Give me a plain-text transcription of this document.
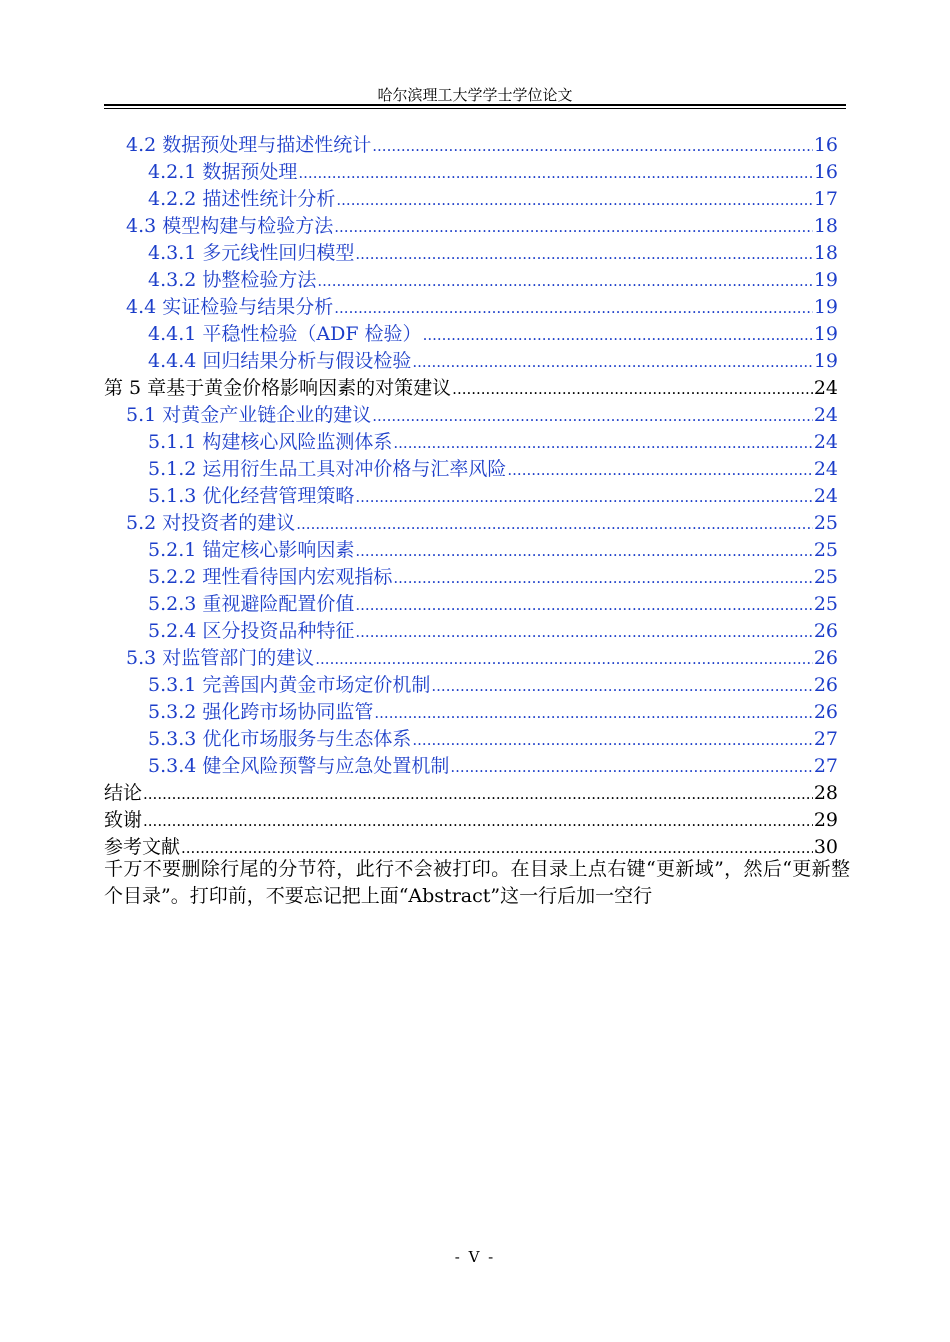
哈尔滨理工大学学士学位论文
4.2 数据预处理与描述性统计 .....	16
4.2.1 数据预处理 .....	16
4.2.2 描述性统计分析 .....	17
4.3 模型构建与检验方法 .....	18
4.3.1 多元线性回归模型 .....	18
4.3.2 协整检验方法 .....	19
4.4 实证检验与结果分析 .....	19
4.4.1 平稳性检验（ADF 检验） .....	19
4.4.4 回归结果分析与假设检验 .....	19
第 5 章基于黄金价格影响因素的对策建议 .....	24
5.1 对黄金产业链企业的建议 .....	24
5.1.1 构建核心风险监测体系 .....	24
5.1.2 运用衍生品工具对冲价格与汇率风险 .....	24
5.1.3 优化经营管理策略 .....	24
5.2 对投资者的建议 .....	25
5.2.1 锚定核心影响因素 .....	25
5.2.2 理性看待国内宏观指标 .....	25
5.2.3 重视避险配置价值 .....	25
5.2.4 区分投资品种特征 .....	26
5.3 对监管部门的建议 .....	26
5.3.1 完善国内黄金市场定价机制 .....	26
5.3.2 强化跨市场协同监管 .....	26
5.3.3 优化市场服务与生态体系 .....	27
5.3.4 健全风险预警与应急处置机制 .....	27
结论 .....	28
致谢 .....	29
参考文献 .....	30
千万不要删除行尾的分节符，此行不会被打印。在目录上点右键“更新域”，然后“更新整个目录”。打印前，不要忘记把上面“Abstract”这一行后加一空行
- V -
